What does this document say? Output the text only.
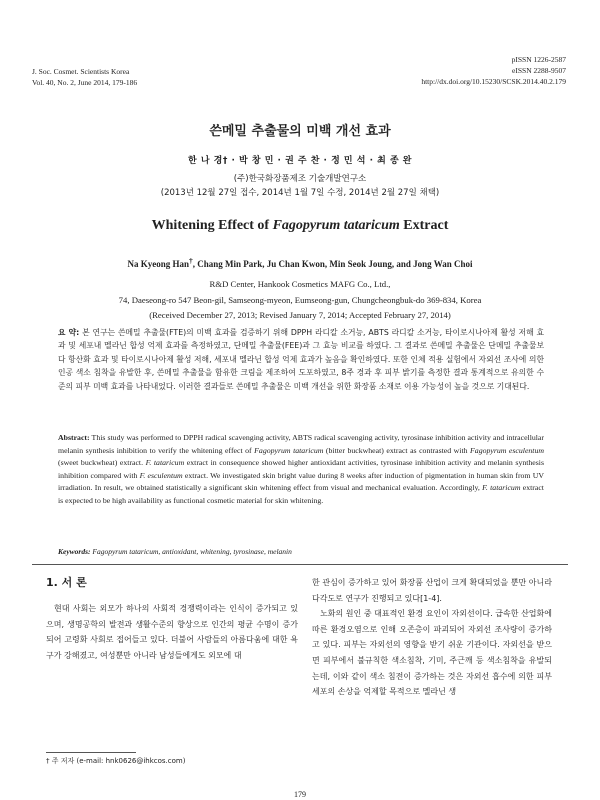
J. Soc. Cosmet. Scientists Korea
Vol. 40, No. 2, June 2014, 179-186
pISSN 1226-2587
eISSN 2288-9507
http://dx.doi.org/10.15230/SCSK.2014.40.2.179
쓴메밀 추출물의 미백 개선 효과
한 나 경† · 박 창 민 · 권 주 찬 · 정 민 석 · 최 종 완
(주)한국화장품제조 기술개발연구소
(2013년 12월 27일 접수, 2014년 1월 7일 수정, 2014년 2월 27일 채택)
Whitening Effect of Fagopyrum tataricum Extract
Na Kyeong Han†, Chang Min Park, Ju Chan Kwon, Min Seok Joung, and Jong Wan Choi
R&D Center, Hankook Cosmetics MAFG Co., Ltd.,
74, Daeseong-ro 547 Beon-gil, Samseong-myeon, Eumseong-gun, Chungcheongbuk-do 369-834, Korea
(Received December 27, 2013; Revised January 7, 2014; Accepted February 27, 2014)
요 약: 본 연구는 쓴메밀 추출물(FTE)의 미백 효과를 검증하기 위해 DPPH 라디칼 소거능, ABTS 라디칼 소거능, 타이로시나아제 활성 저해 효과 및 세포내 멜라닌 합성 억제 효과를 측정하였고, 단메밀 추출물(FEE)과 그 효능 비교를 하였다. 그 결과로 쓴메밀 추출물은 단메밀 추출물보다 항산화 효과 및 타이로시나아제 활성 저해, 세포내 멜라닌 합성 억제 효과가 높음을 확인하였다. 또한 인체 적용 실험에서 자외선 조사에 의한 인공 색소 침착을 유발한 후, 쓴메밀 추출물을 함유한 크림을 제조하여 도포하였고, 8주 경과 후 피부 밝기를 측정한 결과 통계적으로 유의한 수준의 피부 미백 효과를 나타내었다. 이러한 결과들로 쓴메밀 추출물은 미백 개선을 위한 화장품 소재로 이용 가능성이 높을 것으로 기대된다.
Abstract: This study was performed to DPPH radical scavenging activity, ABTS radical scavenging activity, tyrosinase inhibition activity and intracellular melanin synthesis inhibition to verify the whitening effect of Fagopyrum tataricum (bitter buckwheat) extract as contrasted with Fagopyrum esculentum (sweet buckwheat) extract. F. tataricum extract in consequence showed higher antioxidant activities, tyrosinase inhibition activity and melanin synthesis inhibition compared with F. esculentum extract. We investigated skin bright value during 8 weeks after induction of pigmentation in human skin from UV irradiation. In result, we obtained statistically a significant skin whitening effect from visual and mechanical evaluation. Accordingly, F. tataricum extract is expected to be high availability as functional cosmetic material for skin whitening.
Keywords: Fagopyrum tataricum, antioxidant, whitening, tyrosinase, melanin
1. 서 론

현대 사회는 외모가 하나의 사회적 경쟁력이라는 인식이 증가되고 있으며, 생명공학의 발전과 생활수준의 향상으로 인간의 평균 수명이 증가되어 고령화 사회로 접어들고 있다. 더불어 사람들의 아름다움에 대한 욕구가 강해졌고, 여성뿐만 아니라 남성들에게도 외모에 대

한 관심이 증가하고 있어 화장품 산업이 크게 확대되었을 뿐만 아니라 다각도로 연구가 진행되고 있다[1-4].

노화의 원인 중 대표적인 환경 요인이 자외선이다. 급속한 산업화에 따른 환경오염으로 인해 오존층이 파괴되어 자외선 조사량이 증가하고 있다. 피부는 자외선의 영향을 받기 쉬운 기관이다. 자외선을 받으면 피부에서 불규칙한 색소침착, 기미, 주근깨 등 색소침착을 유발되는데, 이와 같이 색소 침전이 증가하는 것은 자외선 흡수에 의한 피부 세포의 손상을 억제할 목적으로 멜라닌 생

† 주 저자 (e-mail: hnk0626@ihkcos.com)
179
